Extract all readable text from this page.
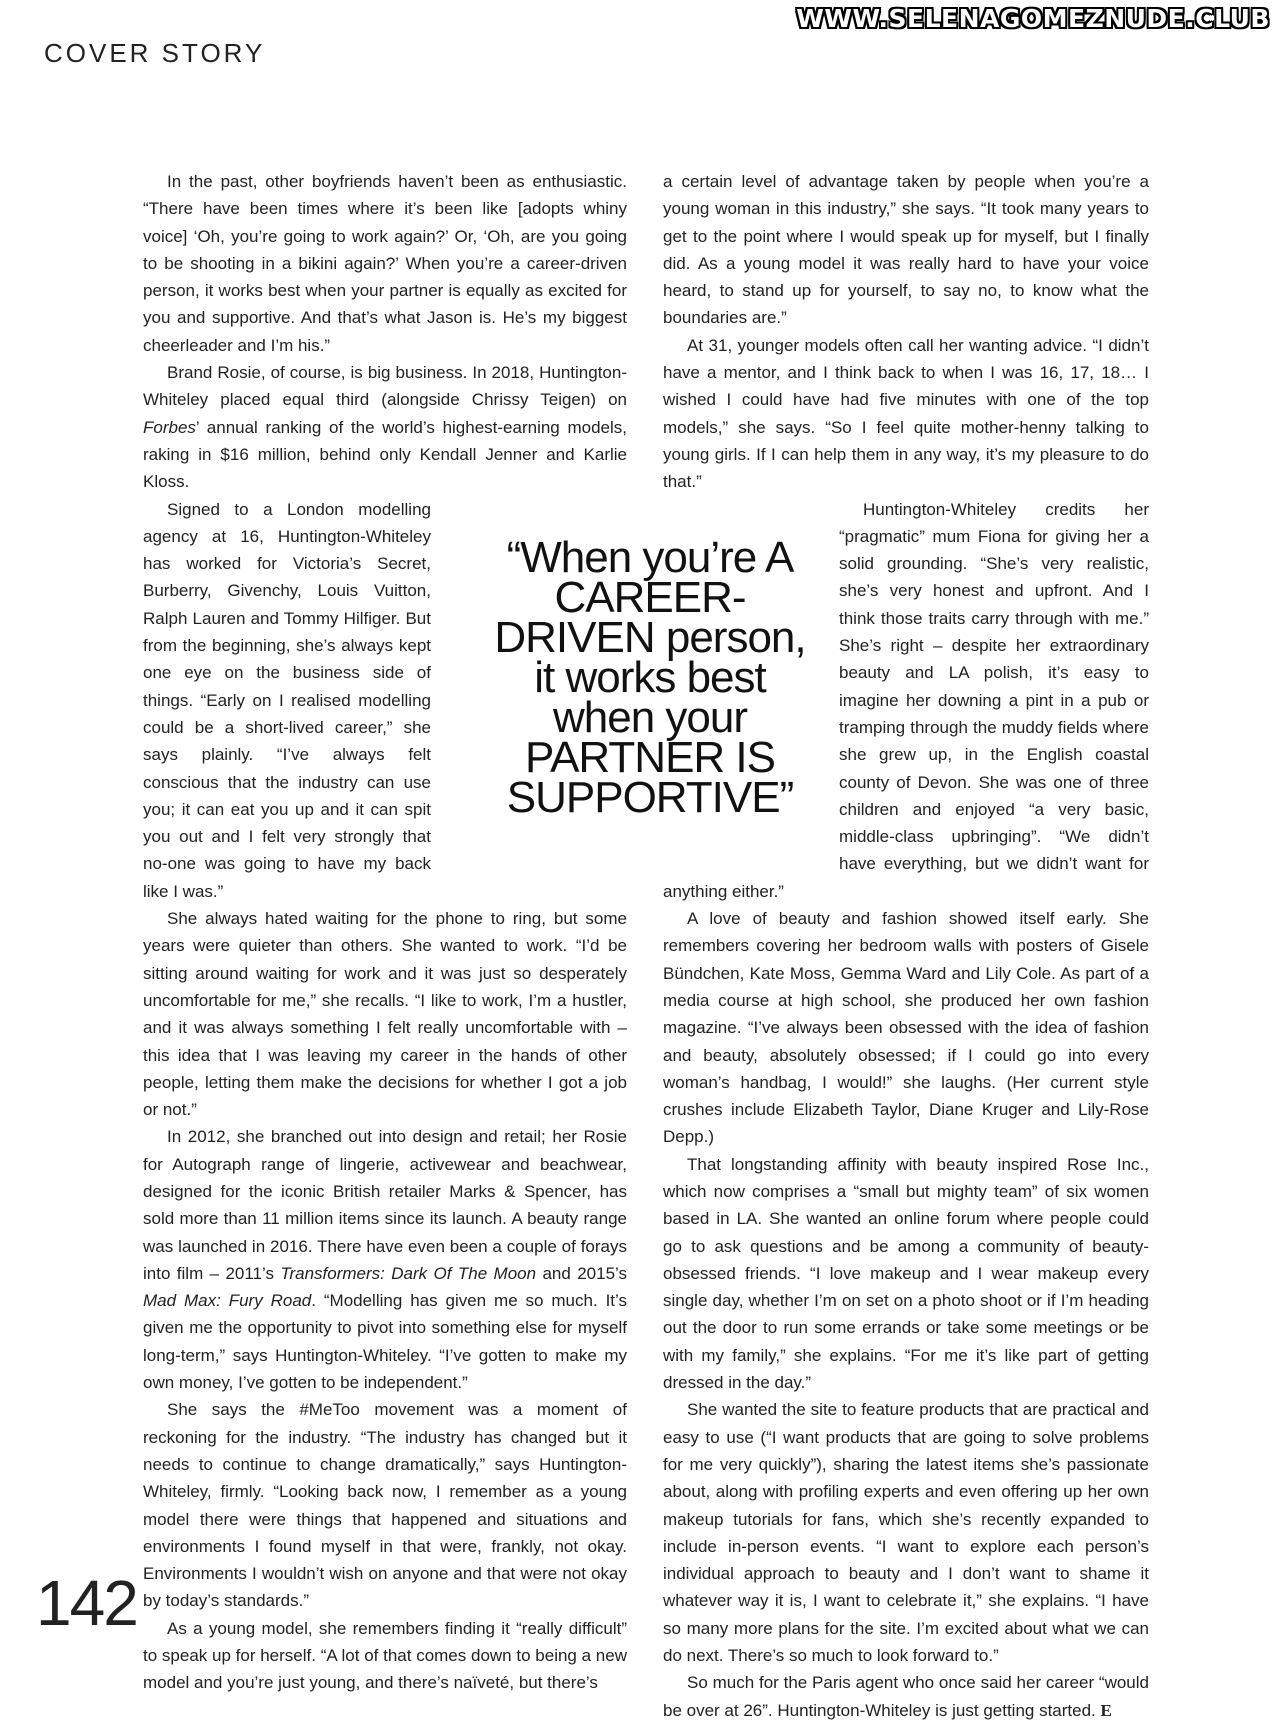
WWW.SELENAGOMEZNUDE.CLUB
COVER STORY

In the past, other boyfriends haven’t been as enthusiastic. “There have been times where it’s been like [adopts whiny voice] ‘Oh, you’re going to work again?’ Or, ‘Oh, are you going to be shooting in a bikini again?’ When you’re a career-driven person, it works best when your partner is equally as excited for you and supportive. And that’s what Jason is. He’s my biggest cheerleader and I’m his.”

Brand Rosie, of course, is big business. In 2018, Huntington-Whiteley placed equal third (alongside Chrissy Teigen) on Forbes’ annual ranking of the world’s highest-earning models, raking in $16 million, behind only Kendall Jenner and Karlie Kloss.

Signed to a London modelling agency at 16, Huntington-Whiteley has worked for Victoria’s Secret, Burberry, Givenchy, Louis Vuitton, Ralph Lauren and Tommy Hilfiger. But from the beginning, she’s always kept one eye on the business side of things. “Early on I realised modelling could be a short-lived career,” she says plainly. “I’ve always felt conscious that the industry can use you; it can eat you up and it can spit you out and I felt very strongly that no-one was going to have my back like I was.”

She always hated waiting for the phone to ring, but some years were quieter than others. She wanted to work. “I’d be sitting around waiting for work and it was just so desperately uncomfortable for me,” she recalls. “I like to work, I’m a hustler, and it was always something I felt really uncomfortable with – this idea that I was leaving my career in the hands of other people, letting them make the decisions for whether I got a job or not.”

In 2012, she branched out into design and retail; her Rosie for Autograph range of lingerie, activewear and beachwear, designed for the iconic British retailer Marks & Spencer, has sold more than 11 million items since its launch. A beauty range was launched in 2016. There have even been a couple of forays into film – 2011’s Transformers: Dark Of The Moon and 2015’s Mad Max: Fury Road. “Modelling has given me so much. It’s given me the opportunity to pivot into something else for myself long-term,” says Huntington-Whiteley. “I’ve gotten to make my own money, I’ve gotten to be independent.”

She says the #MeToo movement was a moment of reckoning for the industry. “The industry has changed but it needs to continue to change dramatically,” says Huntington-Whiteley, firmly. “Looking back now, I remember as a young model there were things that happened and situations and environments I found myself in that were, frankly, not okay. Environments I wouldn’t wish on anyone and that were not okay by today’s standards.”

As a young model, she remembers finding it “really difficult” to speak up for herself. “A lot of that comes down to being a new model and you’re just young, and there’s naïveté, but there’s

a certain level of advantage taken by people when you’re a young woman in this industry,” she says. “It took many years to get to the point where I would speak up for myself, but I finally did. As a young model it was really hard to have your voice heard, to stand up for yourself, to say no, to know what the boundaries are.”

At 31, younger models often call her wanting advice. “I didn’t have a mentor, and I think back to when I was 16, 17, 18… I wished I could have had five minutes with one of the top models,” she says. “So I feel quite mother-henny talking to young girls. If I can help them in any way, it’s my pleasure to do that.”

Huntington-Whiteley credits her “pragmatic” mum Fiona for giving her a solid grounding. “She’s very realistic, she’s very honest and upfront. And I think those traits carry through with me.” She’s right – despite her extraordinary beauty and LA polish, it’s easy to imagine her downing a pint in a pub or tramping through the muddy fields where she grew up, in the English coastal county of Devon. She was one of three children and enjoyed “a very basic, middle-class upbringing”. “We didn’t have everything, but we didn’t want for anything either.”

A love of beauty and fashion showed itself early. She remembers covering her bedroom walls with posters of Gisele Bündchen, Kate Moss, Gemma Ward and Lily Cole. As part of a media course at high school, she produced her own fashion magazine. “I’ve always been obsessed with the idea of fashion and beauty, absolutely obsessed; if I could go into every woman’s handbag, I would!” she laughs. (Her current style crushes include Elizabeth Taylor, Diane Kruger and Lily-Rose Depp.)

That longstanding affinity with beauty inspired Rose Inc., which now comprises a “small but mighty team” of six women based in LA. She wanted an online forum where people could go to ask questions and be among a community of beauty-obsessed friends. “I love makeup and I wear makeup every single day, whether I’m on set on a photo shoot or if I’m heading out the door to run some errands or take some meetings or be with my family,” she explains. “For me it’s like part of getting dressed in the day.”

She wanted the site to feature products that are practical and easy to use (“I want products that are going to solve problems for me very quickly”), sharing the latest items she’s passionate about, along with profiling experts and even offering up her own makeup tutorials for fans, which she’s recently expanded to include in-person events. “I want to explore each person’s individual approach to beauty and I don’t want to shame it whatever way it is, I want to celebrate it,” she explains. “I have so many more plans for the site. I’m excited about what we can do next. There’s so much to look forward to.”

So much for the Paris agent who once said her career “would be over at 26”. Huntington-Whiteley is just getting started. E

“When you’re A CAREER-DRIVEN person, it works best when your PARTNER IS SUPPORTIVE”
142
